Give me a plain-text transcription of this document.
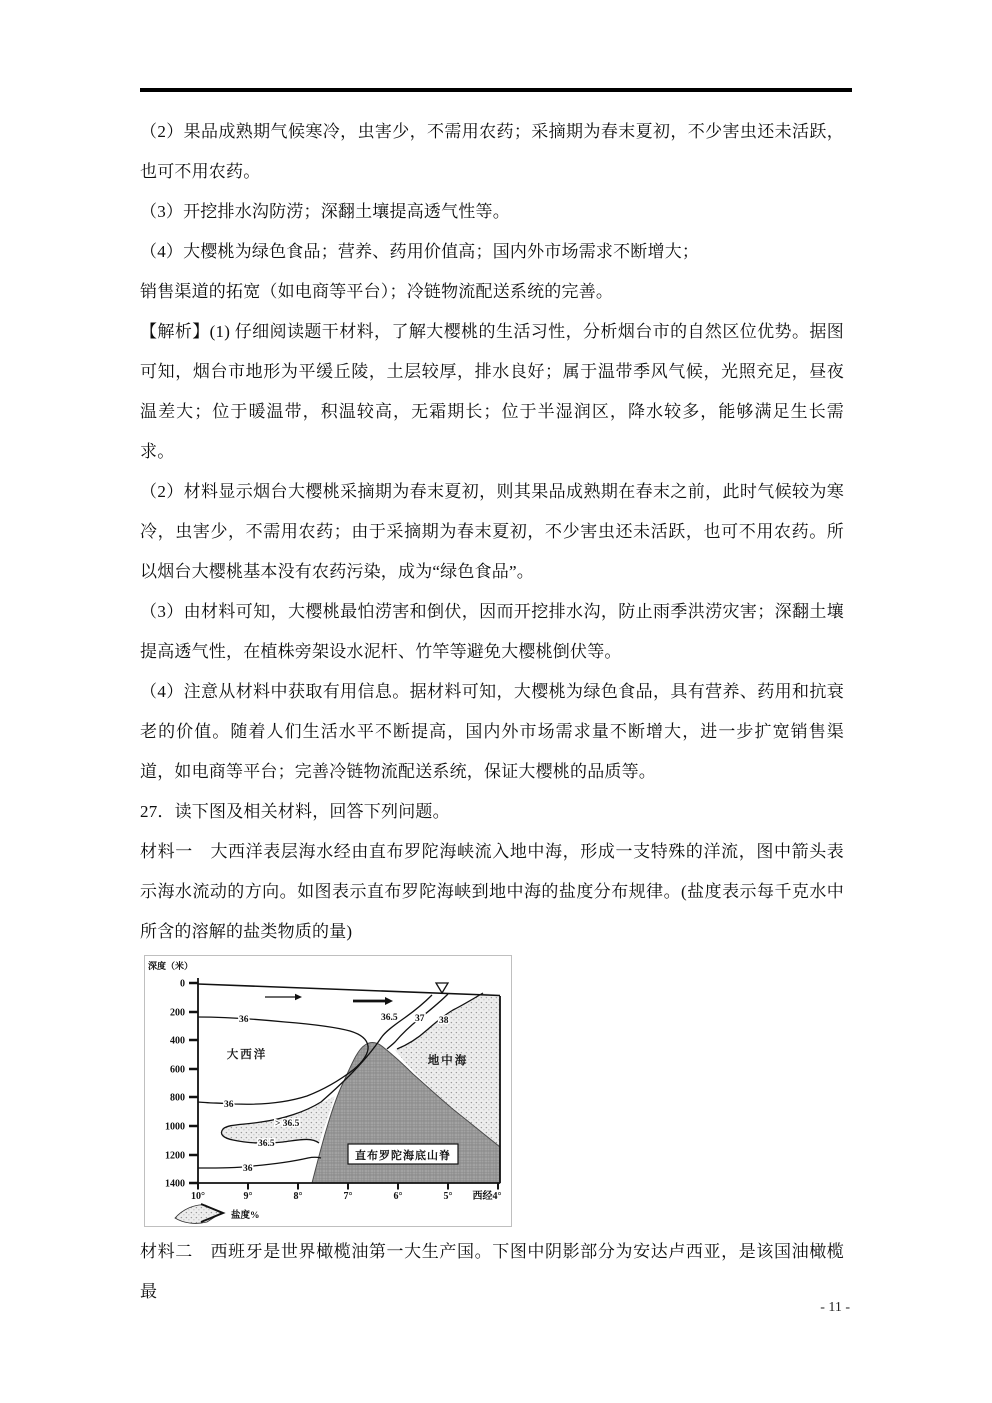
（2）果品成熟期气候寒冷，虫害少，不需用农药；采摘期为春末夏初，不少害虫还未活跃，也可不用农药。

（3）开挖排水沟防涝；深翻土壤提高透气性等。

（4）大樱桃为绿色食品；营养、药用价值高；国内外市场需求不断增大；

销售渠道的拓宽（如电商等平台）；冷链物流配送系统的完善。

【解析】(1) 仔细阅读题干材料，了解大樱桃的生活习性，分析烟台市的自然区位优势。据图可知，烟台市地形为平缓丘陵，土层较厚，排水良好；属于温带季风气候，光照充足，昼夜温差大；位于暖温带，积温较高，无霜期长；位于半湿润区，降水较多，能够满足生长需求。

（2）材料显示烟台大樱桃采摘期为春末夏初，则其果品成熟期在春末之前，此时气候较为寒冷，虫害少，不需用农药；由于采摘期为春末夏初，不少害虫还未活跃，也可不用农药。所以烟台大樱桃基本没有农药污染，成为“绿色食品”。

（3）由材料可知，大樱桃最怕涝害和倒伏，因而开挖排水沟，防止雨季洪涝灾害；深翻土壤提高透气性，在植株旁架设水泥杆、竹竿等避免大樱桃倒伏等。

（4）注意从材料中获取有用信息。据材料可知，大樱桃为绿色食品，具有营养、药用和抗衰老的价值。随着人们生活水平不断提高，国内外市场需求量不断增大，进一步扩宽销售渠道，如电商等平台；完善冷链物流配送系统，保证大樱桃的品质等。

27．读下图及相关材料，回答下列问题。

材料一　大西洋表层海水经由直布罗陀海峡流入地中海，形成一支特殊的洋流，图中箭头表示海水流动的方向。如图表示直布罗陀海峡到地中海的盐度分布规律。(盐度表示每千克水中所含的溶解的盐类物质的量)

深度（米）
0
200
400
600
800
1000
1200
1400
10°	9°	8°	7°	6°	5° 西经4°
36
36
36
> 36.5
36.5
36.5 37 38
大西洋	地中海
直布罗陀海底山脊
盐度%

材料二　西班牙是世界橄榄油第一大生产国。下图中阴影部分为安达卢西亚，是该国油橄榄最

- 11 -
